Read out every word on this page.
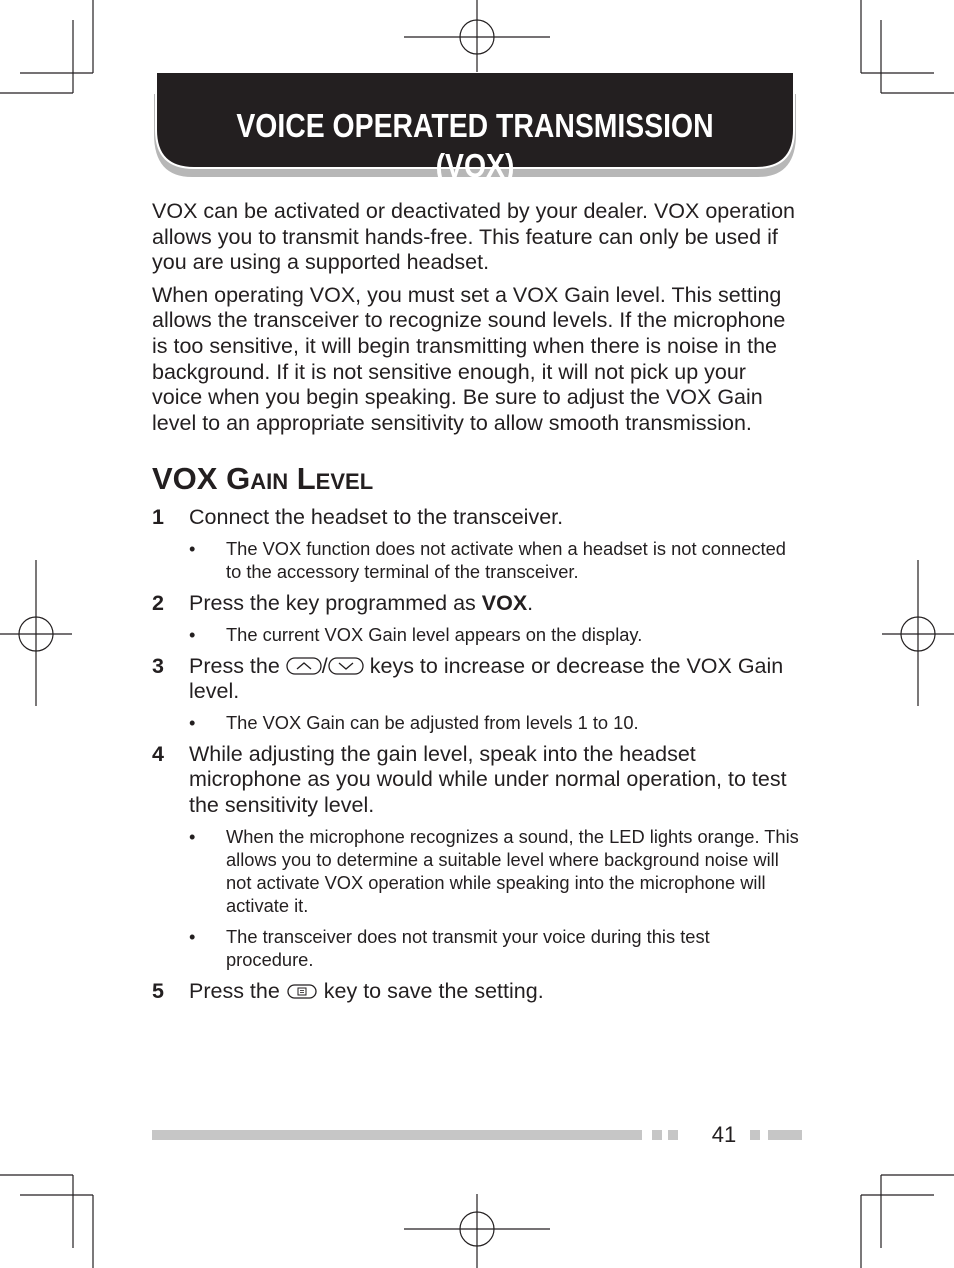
VOICE OPERATED TRANSMISSION (VOX)

VOX can be activated or deactivated by your dealer. VOX operation allows you to transmit hands-free. This feature can only be used if you are using a supported headset.

When operating VOX, you must set a VOX Gain level. This setting allows the transceiver to recognize sound levels. If the microphone is too sensitive, it will begin transmitting when there is noise in the background. If it is not sensitive enough, it will not pick up your voice when you begin speaking. Be sure to adjust the VOX Gain level to an appropriate sensitivity to allow smooth transmission.

VOX GAIN LEVEL
1	Connect the headset to the transceiver.
•	The VOX function does not activate when a headset is not connected to the accessory terminal of the transceiver.
2	Press the key programmed as VOX.
•	The current VOX Gain level appears on the display.
3	Press the / keys to increase or decrease the VOX Gain level.
•	The VOX Gain can be adjusted from levels 1 to 10.
4	While adjusting the gain level, speak into the headset microphone as you would while under normal operation, to test the sensitivity level.
•	When the microphone recognizes a sound, the LED lights orange. This allows you to determine a suitable level where background noise will not activate VOX operation while speaking into the microphone will activate it.
•	The transceiver does not transmit your voice during this test procedure.
5	Press the  key to save the setting.
41
